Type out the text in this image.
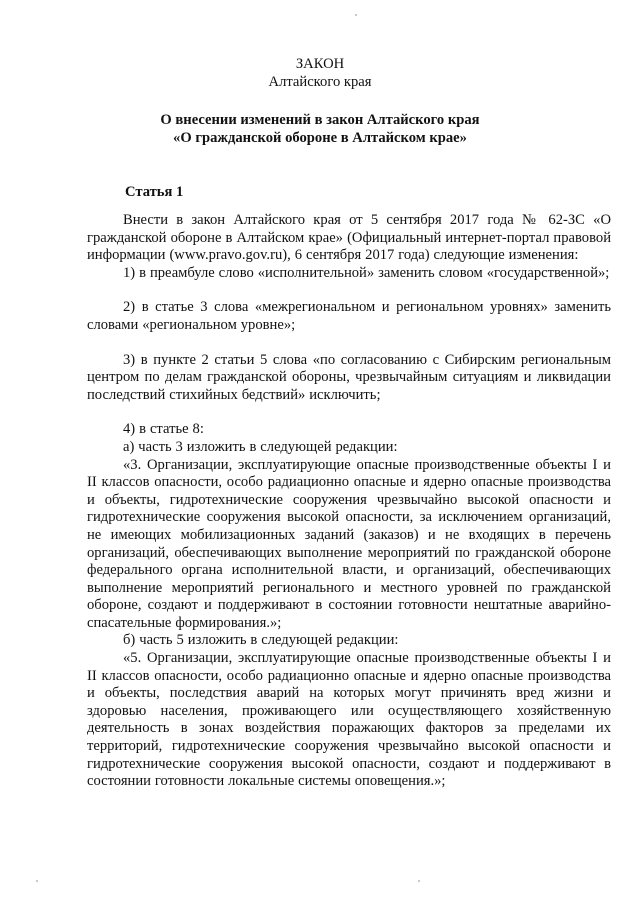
ЗАКОН
Алтайского края
О внесении изменений в закон Алтайского края
«О гражданской обороне в Алтайском крае»
Статья 1

Внести в закон Алтайского края от 5 сентября 2017 года № 62-ЗС «О гражданской обороне в Алтайском крае» (Официальный интернет-портал правовой информации (www.pravo.gov.ru), 6 сентября 2017 года) следующие изменения:

1) в преамбуле слово «исполнительной» заменить словом «государственной»;

2) в статье 3 слова «межрегиональном и региональном уровнях» заменить словами «региональном уровне»;

3) в пункте 2 статьи 5 слова «по согласованию с Сибирским региональным центром по делам гражданской обороны, чрезвычайным ситуациям и ликвидации последствий стихийных бедствий» исключить;

4) в статье 8:

а) часть 3 изложить в следующей редакции:

«3. Организации, эксплуатирующие опасные производственные объекты I и II классов опасности, особо радиационно опасные и ядерно опасные производства и объекты, гидротехнические сооружения чрезвычайно высокой опасности и гидротехнические сооружения высокой опасности, за исключением организаций, не имеющих мобилизационных заданий (заказов) и не входящих в перечень организаций, обеспечивающих выполнение мероприятий по гражданской обороне федерального органа исполнительной власти, и организаций, обеспечивающих выполнение мероприятий регионального и местного уровней по гражданской обороне, создают и поддерживают в состоянии готовности нештатные аварийно-спасательные формирования.»;

б) часть 5 изложить в следующей редакции:

«5. Организации, эксплуатирующие опасные производственные объекты I и II классов опасности, особо радиационно опасные и ядерно опасные производства и объекты, последствия аварий на которых могут причинять вред жизни и здоровью населения, проживающего или осуществляющего хозяйственную деятельность в зонах воздействия поражающих факторов за пределами их территорий, гидротехнические сооружения чрезвычайно высокой опасности и гидротехнические сооружения высокой опасности, создают и поддерживают в состоянии готовности локальные системы оповещения.»;
